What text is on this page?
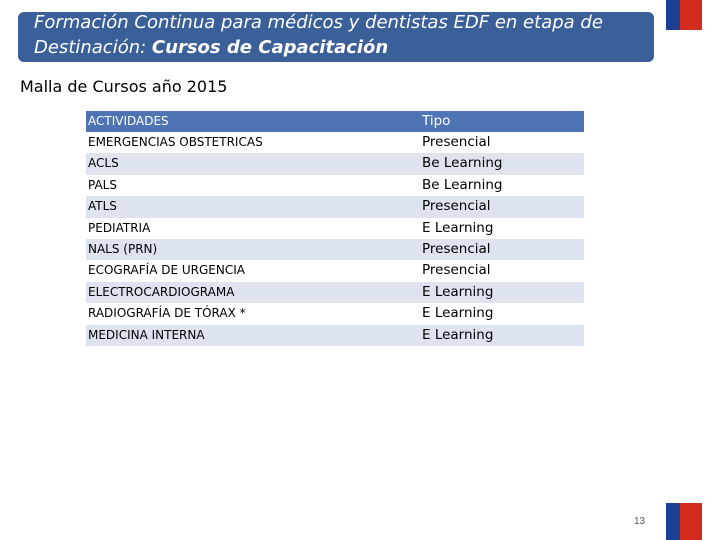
Formación Continua para médicos y dentistas EDF en etapa de
Destinación: Cursos de Capacitación
Malla de Cursos año 2015
ACTIVIDADES	Tipo
EMERGENCIAS OBSTETRICAS	Presencial
ACLS	Be Learning
PALS	Be Learning
ATLS	Presencial
PEDIATRIA	E Learning
NALS (PRN)	Presencial
ECOGRAFÍA DE URGENCIA	Presencial
ELECTROCARDIOGRAMA	E Learning
RADIOGRAFÍA DE TÓRAX *	E Learning
MEDICINA INTERNA	E Learning
13
